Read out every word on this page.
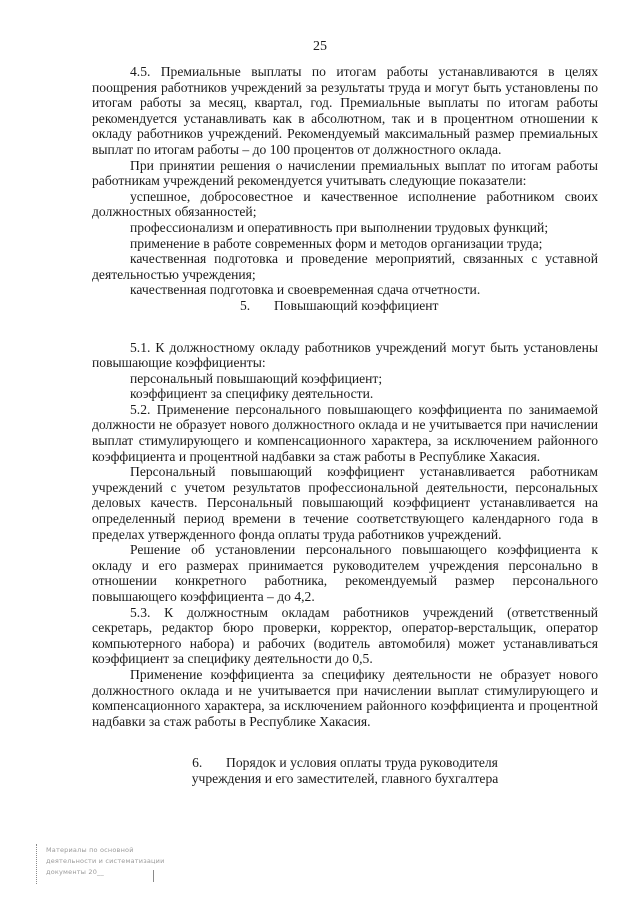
25

4.5. Премиальные выплаты по итогам работы устанавливаются в целях поощрения работников учреждений за результаты труда и могут быть установлены по итогам работы за месяц, квартал, год. Премиальные выплаты по итогам работы рекомендуется устанавливать как в абсолютном, так и в процентном отношении к окладу работников учреждений. Рекомендуемый максимальный размер премиальных выплат по итогам работы – до 100 процентов от должностного оклада.

При принятии решения о начислении премиальных выплат по итогам работы работникам учреждений рекомендуется учитывать следующие показатели:

успешное, добросовестное и качественное исполнение работником своих должностных обязанностей;

профессионализм и оперативность при выполнении трудовых функций;

применение в работе современных форм и методов организации труда;

качественная подготовка и проведение мероприятий, связанных с уставной деятельностью учреждения;

качественная подготовка и своевременная сдача отчетности.

5.       Повышающий коэффициент

5.1. К должностному окладу работников учреждений могут быть установлены повышающие коэффициенты:

персональный повышающий коэффициент;

коэффициент за специфику деятельности.

5.2. Применение персонального повышающего коэффициента по занимаемой должности не образует нового должностного оклада и не учитывается при начислении выплат стимулирующего и компенсационного характера, за исключением районного коэффициента и процентной надбавки за стаж работы в Республике Хакасия.

Персональный повышающий коэффициент устанавливается работникам учреждений с учетом результатов профессиональной деятельности, персональных деловых качеств. Персональный повышающий коэффициент устанавливается на определенный период времени в течение соответствующего календарного года в пределах утвержденного фонда оплаты труда работников учреждений.

Решение об установлении персонального повышающего коэффициента к окладу и его размерах принимается руководителем учреждения персонально в отношении конкретного работника, рекомендуемый размер персонального повышающего коэффициента – до 4,2.

5.3. К должностным окладам работников учреждений (ответственный секретарь, редактор бюро проверки, корректор, оператор-верстальщик, оператор компьютерного набора) и рабочих (водитель автомобиля) может устанавливаться коэффициент за специфику деятельности до 0,5.

Применение коэффициента за специфику деятельности не образует нового должностного оклада и не учитывается при начислении выплат стимулирующего и компенсационного характера, за исключением районного коэффициента и процентной надбавки за стаж работы в Республике Хакасия.

6.       Порядок и условия оплаты труда руководителя
учреждения и его заместителей, главного бухгалтера

Материалы по основной
деятельности и систематизации
документы 20__
